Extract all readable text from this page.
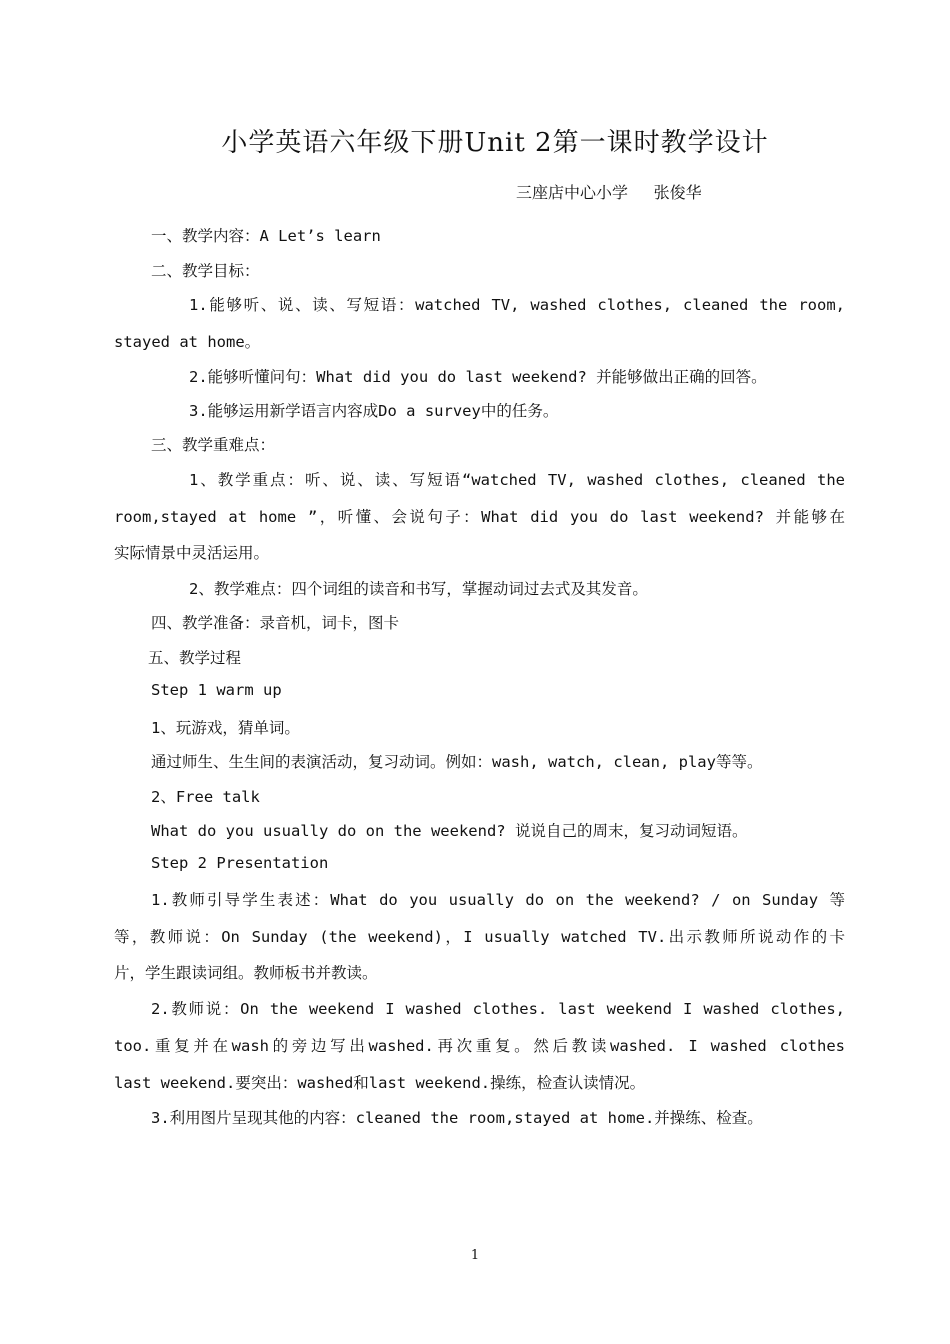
小学英语六年级下册Unit 2第一课时教学设计
三座店中心小学 张俊华
一、教学内容：A Let’s learn
二、教学目标：
1.能够听、说、读、写短语：watched TV, washed clothes, cleaned the room,
stayed at home。
2.能够听懂问句：What did you do last weekend? 并能够做出正确的回答。
3.能够运用新学语言内容成Do a survey中的任务。
三、教学重难点：
1、教学重点：听、说、读、写短语“watched TV, washed clothes, cleaned the
room,stayed at home ”，听懂、会说句子：What did you do last weekend? 并能够在
实际情景中灵活运用。
2、教学难点：四个词组的读音和书写，掌握动词过去式及其发音。
四、教学准备：录音机，词卡，图卡
五、教学过程
Step 1 warm up
1、玩游戏，猜单词。
通过师生、生生间的表演活动，复习动词。例如：wash, watch, clean, play等等。
2、Free talk
What do you usually do on the weekend? 说说自己的周末，复习动词短语。
Step 2 Presentation
1.教师引导学生表述：What do you usually do on the weekend? / on Sunday 等
等，教师说：On Sunday (the weekend)，I usually watched TV.出示教师所说动作的卡
片，学生跟读词组。教师板书并教读。
2.教师说：On the weekend I washed clothes. last weekend I washed clothes,
too.重复并在wash的旁边写出washed.再次重复。然后教读washed. I washed clothes
last weekend.要突出：washed和last weekend.操练，检查认读情况。
3.利用图片呈现其他的内容：cleaned the room,stayed at home.并操练、检查。
1
